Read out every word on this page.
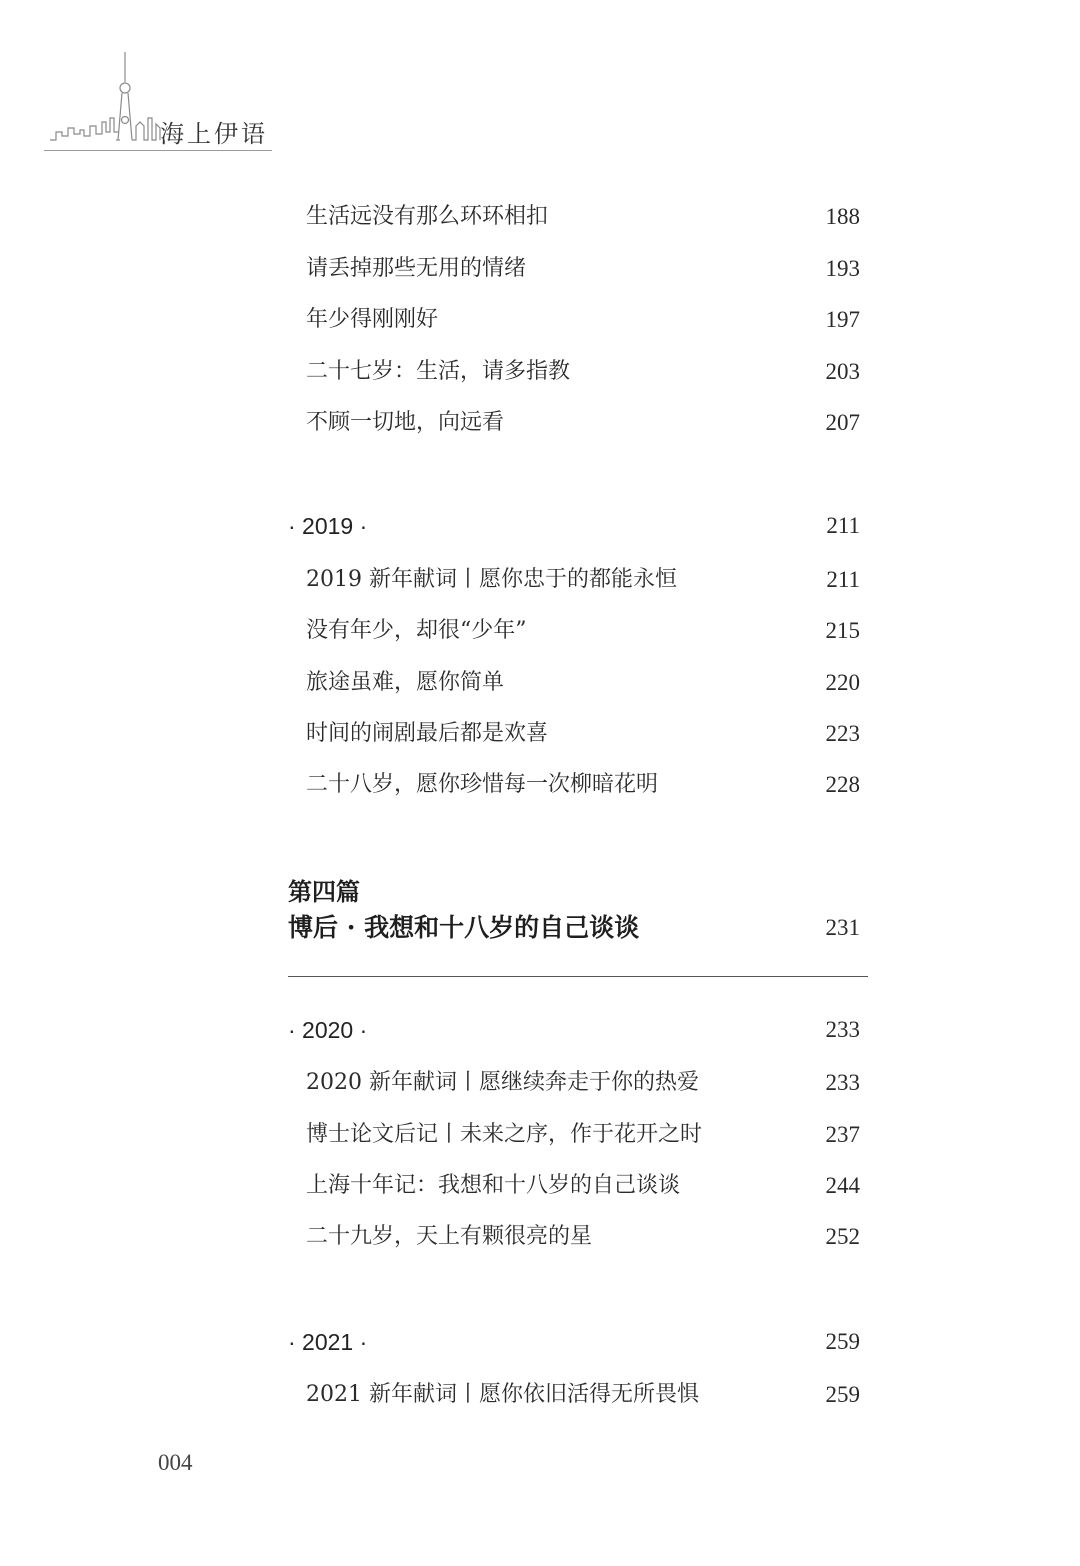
海上伊语
生活远没有那么环环相扣	188
请丢掉那些无用的情绪	193
年少得刚刚好	197
二十七岁：生活，请多指教	203
不顾一切地，向远看	207
· 2019 ·	211
2019 新年献词丨愿你忠于的都能永恒	211
没有年少，却很“少年”	215
旅途虽难，愿你简单	220
时间的闹剧最后都是欢喜	223
二十八岁，愿你珍惜每一次柳暗花明	228
第四篇
博后 · 我想和十八岁的自己谈谈	231
· 2020 ·	233
2020 新年献词丨愿继续奔走于你的热爱	233
博士论文后记丨未来之序，作于花开之时	237
上海十年记：我想和十八岁的自己谈谈	244
二十九岁，天上有颗很亮的星	252
· 2021 ·	259
2021 新年献词丨愿你依旧活得无所畏惧	259
004
